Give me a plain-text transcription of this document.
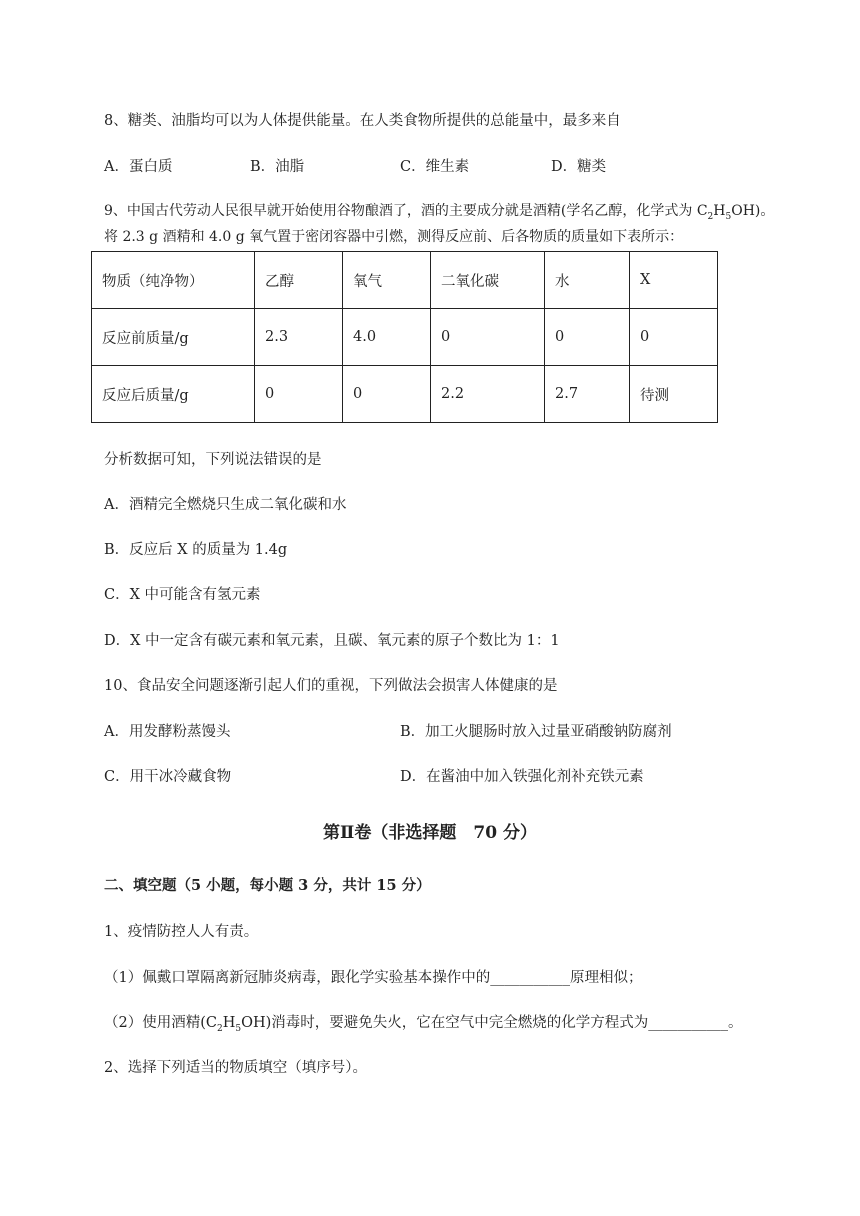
8、糖类、油脂均可以为人体提供能量。在人类食物所提供的总能量中，最多来自
A．蛋白质	B．油脂	C．维生素	D．糖类
9、中国古代劳动人民很早就开始使用谷物酿酒了，酒的主要成分就是酒精(学名乙醇，化学式为 $C_2H_5OH$)。
将 2.3 g 酒精和 4.0 g 氧气置于密闭容器中引燃，测得反应前、后各物质的质量如下表所示：
物质（纯净物）	乙醇	氧气	二氧化碳	水	X
反应前质量/g	2.3	4.0	0	0	0
反应后质量/g	0	0	2.2	2.7	待测
分析数据可知，下列说法错误的是
A．酒精完全燃烧只生成二氧化碳和水
B．反应后 X 的质量为 1.4g
C．X 中可能含有氢元素
D．X 中一定含有碳元素和氧元素，且碳、氧元素的原子个数比为 1：1
10、食品安全问题逐渐引起人们的重视，下列做法会损害人体健康的是
A．用发酵粉蒸馒头	B．加工火腿肠时放入过量亚硝酸钠防腐剂
C．用干冰冷藏食物	D．在酱油中加入铁强化剂补充铁元素
第Ⅱ卷（非选择题　70 分）
二、填空题（5 小题，每小题 3 分，共计 15 分）
1、疫情防控人人有责。
（1）佩戴口罩隔离新冠肺炎病毒，跟化学实验基本操作中的___________原理相似；
（2）使用酒精$(C_2H_5OH)$消毒时，要避免失火，它在空气中完全燃烧的化学方程式为___________。
2、选择下列适当的物质填空（填序号）。
